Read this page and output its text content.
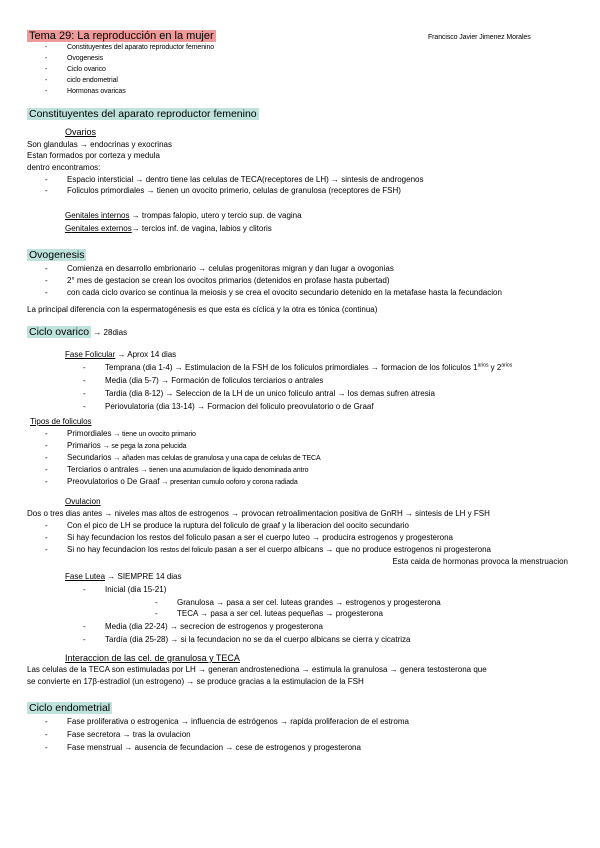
Tema 29: La reproducción en la mujer	Francisco Javier Jimenez Morales
-	Constituyentes del aparato reproductor femenino
-	Ovogenesis
-	Ciclo ovarico
-	ciclo endometrial
-	Hormonas ovaricas
Constituyentes del aparato reproductor femenino
Ovarios
Son glandulas → endocrinas y exocrinas
Estan formados por corteza y medula
dentro encontramos:
- Espacio intersticial → dentro tiene las celulas de TECA(receptores de LH) → sintesis de androgenos
- Foliculos primordiales → tienen un ovocito primerio, celulas de granulosa (receptores de FSH)
Genitales internos → trompas falopio, utero y tercio sup. de vagina
Genitales externos→ tercios inf. de vagina, labios y clitoris
Ovogenesis
- Comienza en desarrollo embrionario → celulas progenitoras migran y dan lugar a ovogonias
- 2° mes de gestacion se crean los ovocitos primarios (detenidos en profase hasta pubertad)
- con cada ciclo ovarico se continua la meiosis y se crea el ovocito secundario detenido en la metafase hasta la fecundacion
La principal diferencia con la espermatogénesis es que esta es cíclica y la otra es tónica (continua)
Ciclo ovarico → 28dias
Fase Folicular → Aprox 14 dias
- Temprana (dia 1-4) → Estimulacion de la FSH de los foliculos primordiales → formacion de los foliculos $1^{arios}$ y $2^{arios}$
- Media (dia 5-7) → Formación de foliculos terciarios o antrales
- Tardia (dia 8-12) → Seleccion de la LH de un unico foliculo antral → los demas sufren atresia
- Periovulatoria (dia 13-14) → Formacion del foliculo preovulatorio o de Graaf
Tipos de foliculos
- Primordiales → tiene un ovocito primario
- Primarios → se pega la zona pelucida
- Secundarios → añaden mas celulas de granulosa y una capa de celulas de TECA
- Terciarios o antrales → tienen una acumulacion de liquido denominada antro
- Preovulatorios o De Graaf → presentan cumulo ooforo y corona radiada
Ovulacion
Dos o tres dias antes → niveles mas altos de estrogenos → provocan retroalimentacion positiva de GnRH → sintesis de LH y FSH
- Con el pico de LH se produce la ruptura del foliculo de graaf y la liberacion del oocito secundario
- Si hay fecundacion los restos del foliculo pasan a ser el cuerpo luteo → producira estrogenos y progesterona
- Si no hay fecundacion los restos del foliculo pasan a ser el cuerpo albicans → que no produce estrogenos ni progesterona
Esta caida de hormonas provoca la menstruacion
Fase Lutea → SIEMPRE 14 dias
- Inicial (dia 15-21)
- Granulosa → pasa a ser cel. luteas grandes → estrogenos y progesterona
- TECA → pasa a ser cel. luteas pequeñas → progesterona
- Media (dia 22-24) → secrecion de estrogenos y progesterona
- Tardía (dia 25-28) → si la fecundacion no se da el cuerpo albicans se cierra y cicatriza
Interaccion de las cel. de granulosa y TECA
Las celulas de la TECA son estimuladas por LH → generan androstenediona → estimula la granulosa → genera testosterona que
se convierte en 17β-estradiol (un estrogeno) → se produce gracias a la estimulacion de la FSH
Ciclo endometrial
- Fase proliferativa o estrogenica → influencia de estrógenos → rapida proliferacion de el estroma
- Fase secretora → tras la ovulacion
- Fase menstrual → ausencia de fecundacion → cese de estrogenos y progesterona
